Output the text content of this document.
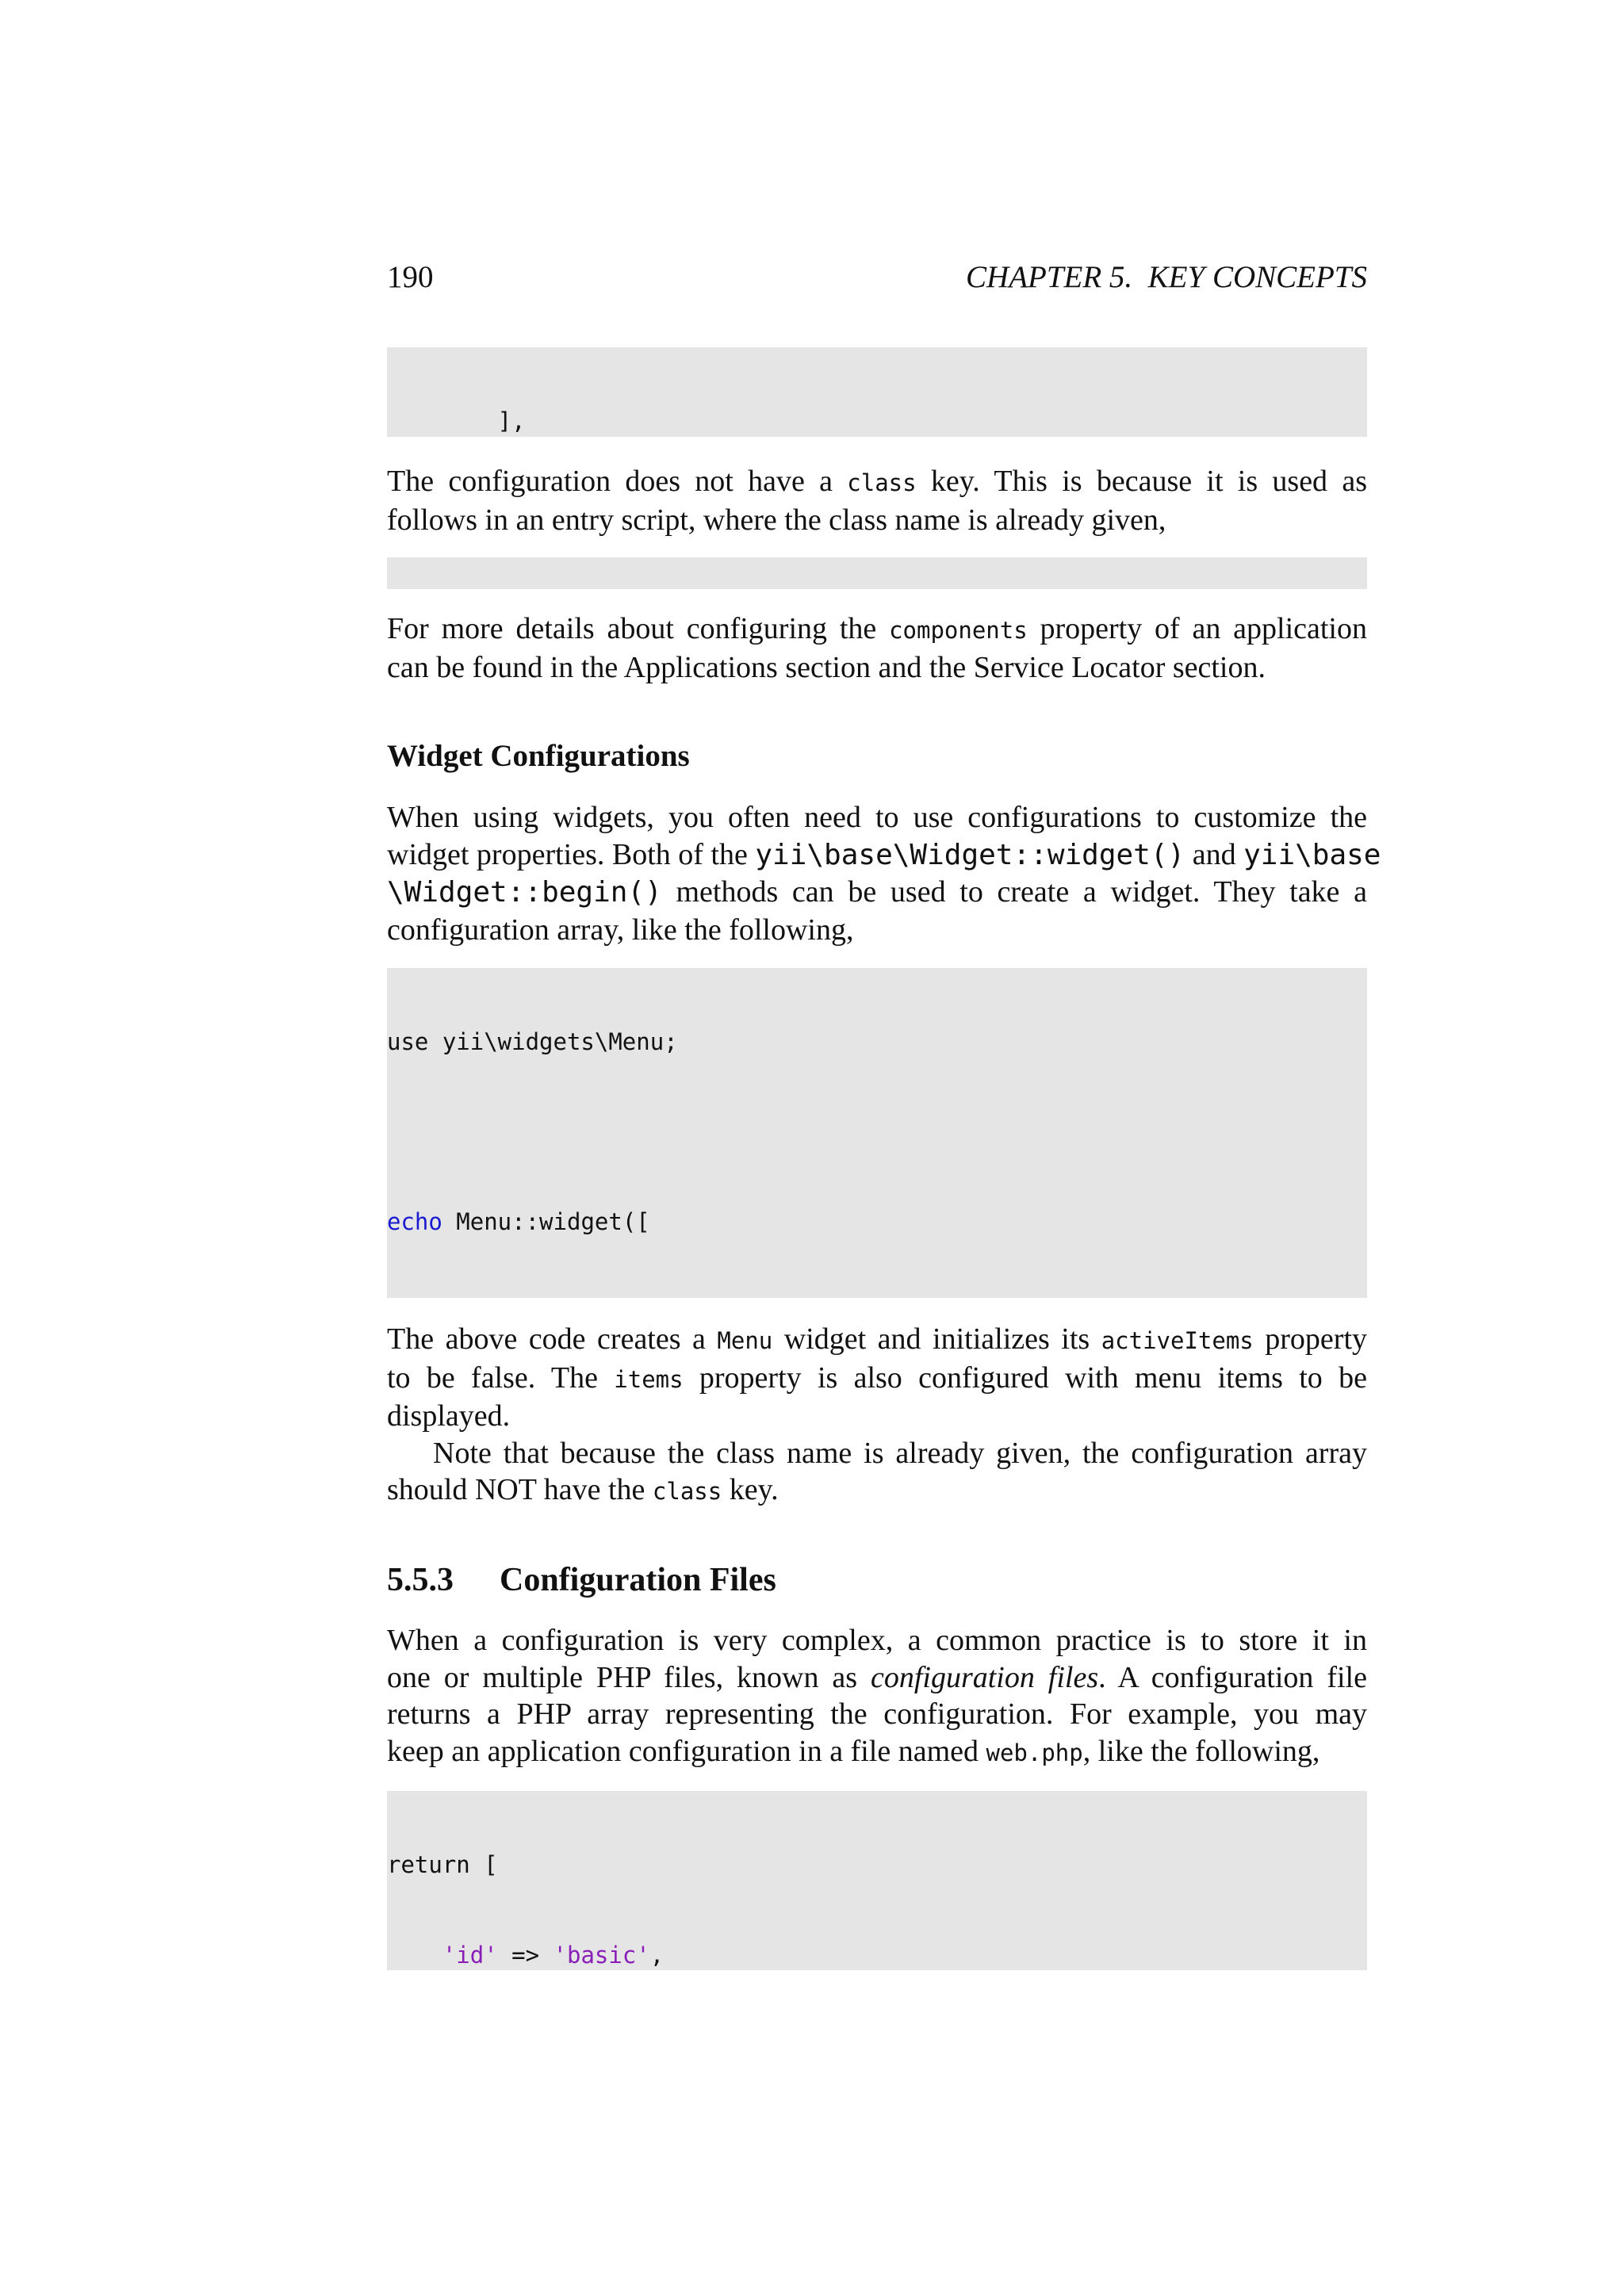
190	CHAPTER 5.  KEY CONCEPTS

],

The configuration does not have a class key. This is because it is used as
follows in an entry script, where the class name is already given,

For more details about configuring the components property of an application
can be found in the Applications section and the Service Locator section.
Widget Configurations
When using widgets, you often need to use configurations to customize the
widget properties. Both of the yii\base\Widget::widget() and yii\base
\Widget::begin() methods can be used to create a widget. They take a
configuration array, like the following,

use yii\widgets\Menu;

echo Menu::widget([

The above code creates a Menu widget and initializes its activeItems property
to be false. The items property is also configured with menu items to be
displayed.
Note that because the class name is already given, the configuration array
should NOT have the class key.
5.5.3 Configuration Files
When a configuration is very complex, a common practice is to store it in
one or multiple PHP files, known as configuration files. A configuration file
returns a PHP array representing the configuration. For example, you may
keep an application configuration in a file named web.php, like the following,

return [

'id' => 'basic',
